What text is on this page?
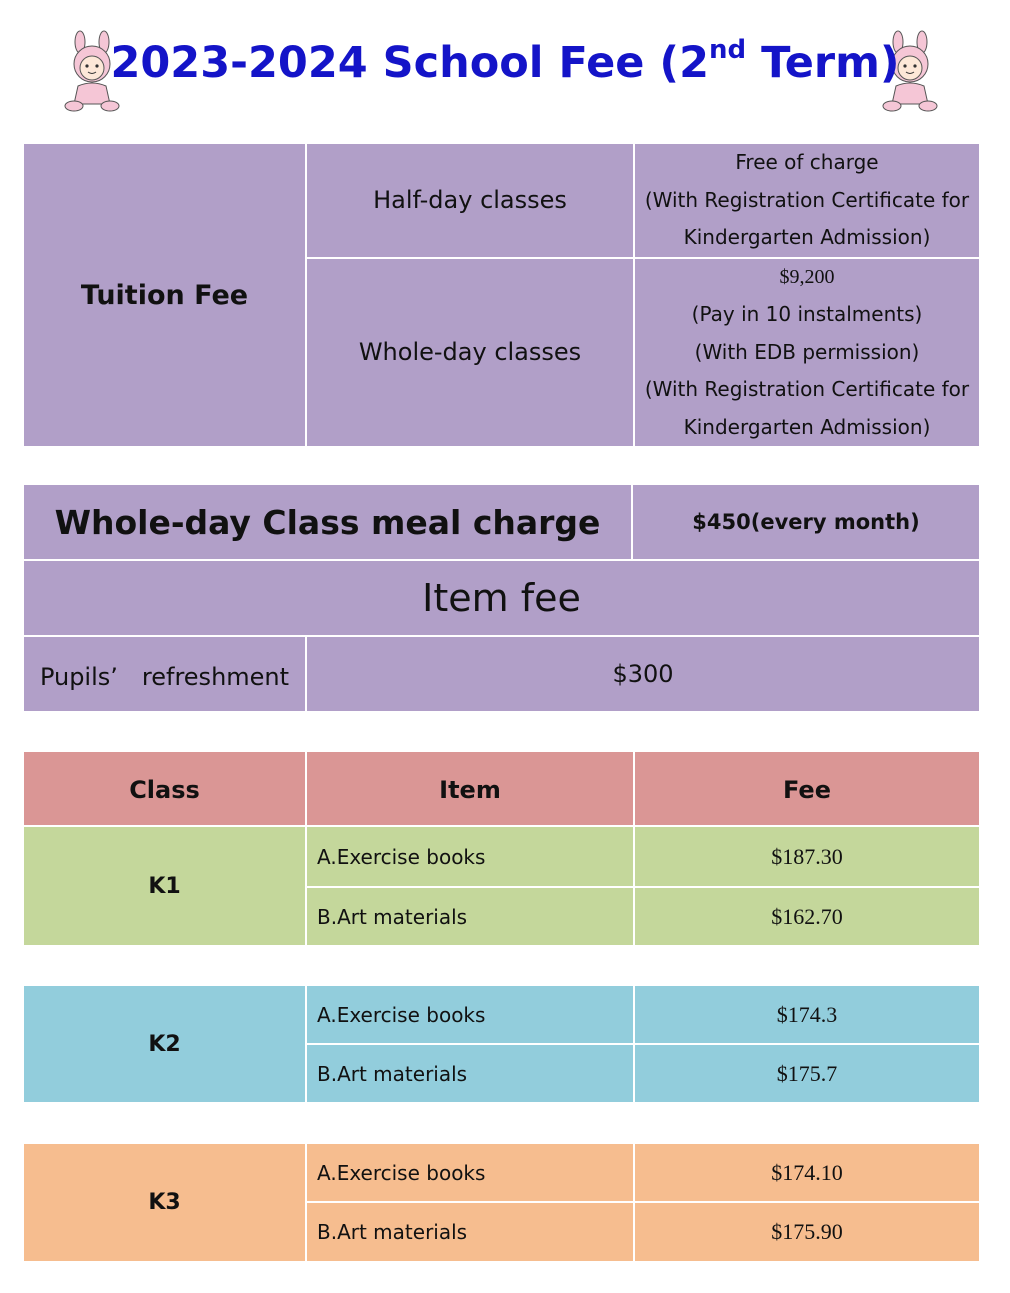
2023-2024 School Fee (2nd Term)
Tuition Fee	Half-day classes	Free of charge
(With Registration Certificate for
Kindergarten Admission)

	Whole-day classes	$9,200
(Pay in 10 instalments)
(With EDB permission)
(With Registration Certificate for
Kindergarten Admission)
Whole-day Class meal charge		$450(every month)
Item fee		
Pupils’　refreshment	$300	
Class	Item	Fee
K1	A.Exercise books	$187.30
	B.Art materials	$162.70
K2	A.Exercise books	$174.3
	B.Art materials	$175.7
K3	A.Exercise books	$174.10
	B.Art materials	$175.90
